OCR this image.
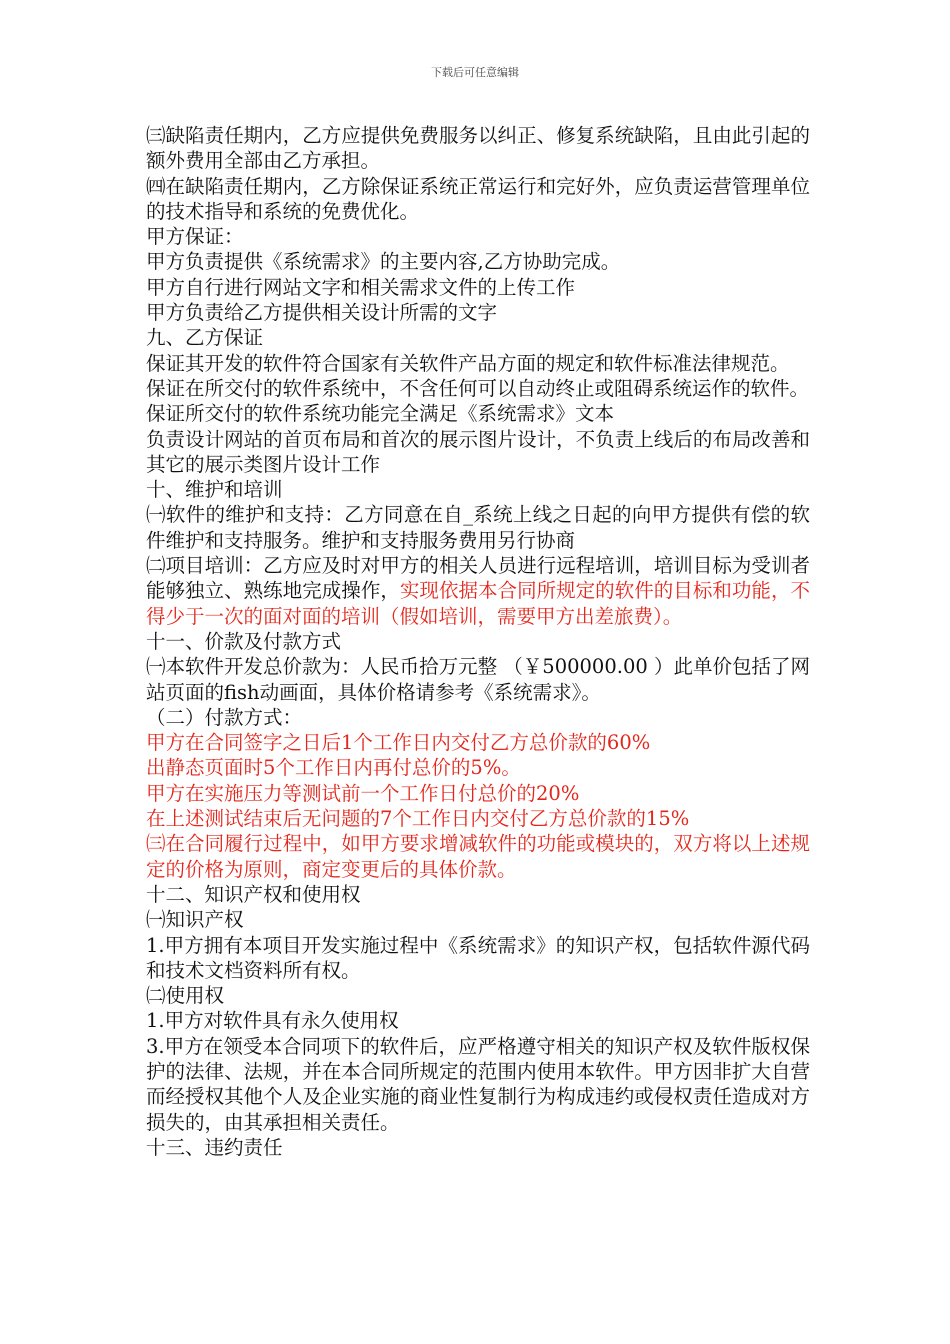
下载后可任意编辑
㈢缺陷责任期内，乙方应提供免费服务以纠正、修复系统缺陷，且由此引起的额外费用全部由乙方承担。
㈣在缺陷责任期内，乙方除保证系统正常运行和完好外，应负责运营管理单位的技术指导和系统的免费优化。
甲方保证：
甲方负责提供《系统需求》的主要内容,乙方协助完成。
甲方自行进行网站文字和相关需求文件的上传工作
甲方负责给乙方提供相关设计所需的文字
九、乙方保证
保证其开发的软件符合国家有关软件产品方面的规定和软件标准法律规范。
保证在所交付的软件系统中，不含任何可以自动终止或阻碍系统运作的软件。
保证所交付的软件系统功能完全满足《系统需求》文本
负责设计网站的首页布局和首次的展示图片设计，不负责上线后的布局改善和其它的展示类图片设计工作
十、维护和培训
㈠软件的维护和支持：乙方同意在自_系统上线之日起的向甲方提供有偿的软件维护和支持服务。维护和支持服务费用另行协商
㈡项目培训：乙方应及时对甲方的相关人员进行远程培训，培训目标为受训者能够独立、熟练地完成操作，实现依据本合同所规定的软件的目标和功能，不得少于一次的面对面的培训（假如培训，需要甲方出差旅费）。
十一、价款及付款方式
㈠本软件开发总价款为：人民币拾万元整 （￥500000.00 ）此单价包括了网站页面的fish动画面，具体价格请参考《系统需求》。
（二）付款方式：
甲方在合同签字之日后1个工作日内交付乙方总价款的60%
出静态页面时5个工作日内再付总价的5%。
甲方在实施压力等测试前一个工作日付总价的20%
在上述测试结束后无问题的7个工作日内交付乙方总价款的15%
㈢在合同履行过程中，如甲方要求增减软件的功能或模块的，双方将以上述规定的价格为原则，商定变更后的具体价款。
十二、知识产权和使用权
㈠知识产权
1.甲方拥有本项目开发实施过程中《系统需求》的知识产权，包括软件源代码和技术文档资料所有权。
㈡使用权
1.甲方对软件具有永久使用权
3.甲方在领受本合同项下的软件后，应严格遵守相关的知识产权及软件版权保护的法律、法规，并在本合同所规定的范围内使用本软件。甲方因非扩大自营而经授权其他个人及企业实施的商业性复制行为构成违约或侵权责任造成对方损失的，由其承担相关责任。
十三、违约责任
